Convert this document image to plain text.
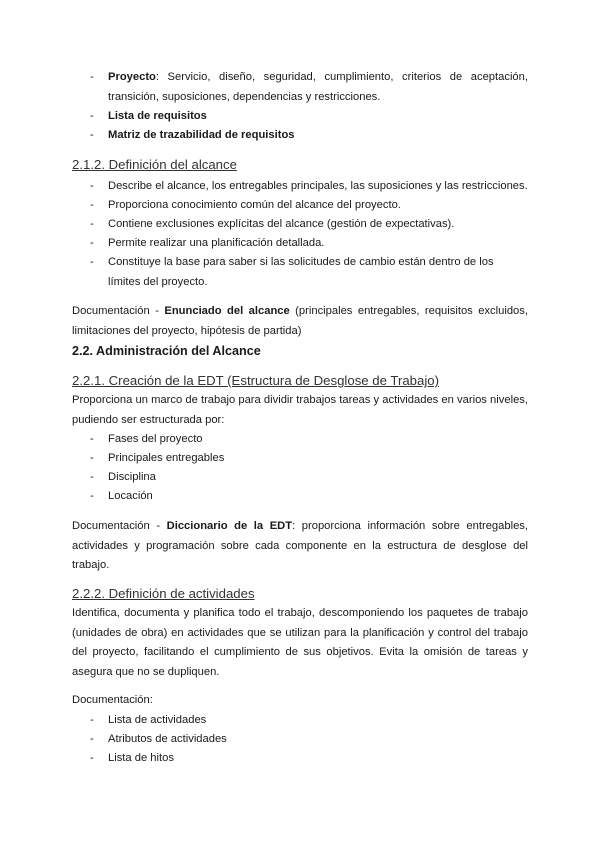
- Proyecto: Servicio, diseño, seguridad, cumplimiento, criterios de aceptación, transición, suposiciones, dependencias y restricciones.
- Lista de requisitos
- Matriz de trazabilidad de requisitos
2.1.2. Definición del alcance
- Describe el alcance, los entregables principales, las suposiciones y las restricciones.
- Proporciona conocimiento común del alcance del proyecto.
- Contiene exclusiones explícitas del alcance (gestión de expectativas).
- Permite realizar una planificación detallada.
- Constituye la base para saber si las solicitudes de cambio están dentro de los límites del proyecto.
Documentación - Enunciado del alcance (principales entregables, requisitos excluidos, limitaciones del proyecto, hipótesis de partida)
2.2. Administración del Alcance
2.2.1. Creación de la EDT (Estructura de Desglose de Trabajo)
Proporciona un marco de trabajo para dividir trabajos tareas y actividades en varios niveles, pudiendo ser estructurada por:
- Fases del proyecto
- Principales entregables
- Disciplina
- Locación
Documentación - Diccionario de la EDT: proporciona información sobre entregables, actividades y programación sobre cada componente en la estructura de desglose del trabajo.
2.2.2. Definición de actividades
Identifica, documenta y planifica todo el trabajo, descomponiendo los paquetes de trabajo (unidades de obra) en actividades que se utilizan para la planificación y control del trabajo del proyecto, facilitando el cumplimiento de sus objetivos. Evita la omisión de tareas y asegura que no se dupliquen.
Documentación:
- Lista de actividades
- Atributos de actividades
- Lista de hitos
